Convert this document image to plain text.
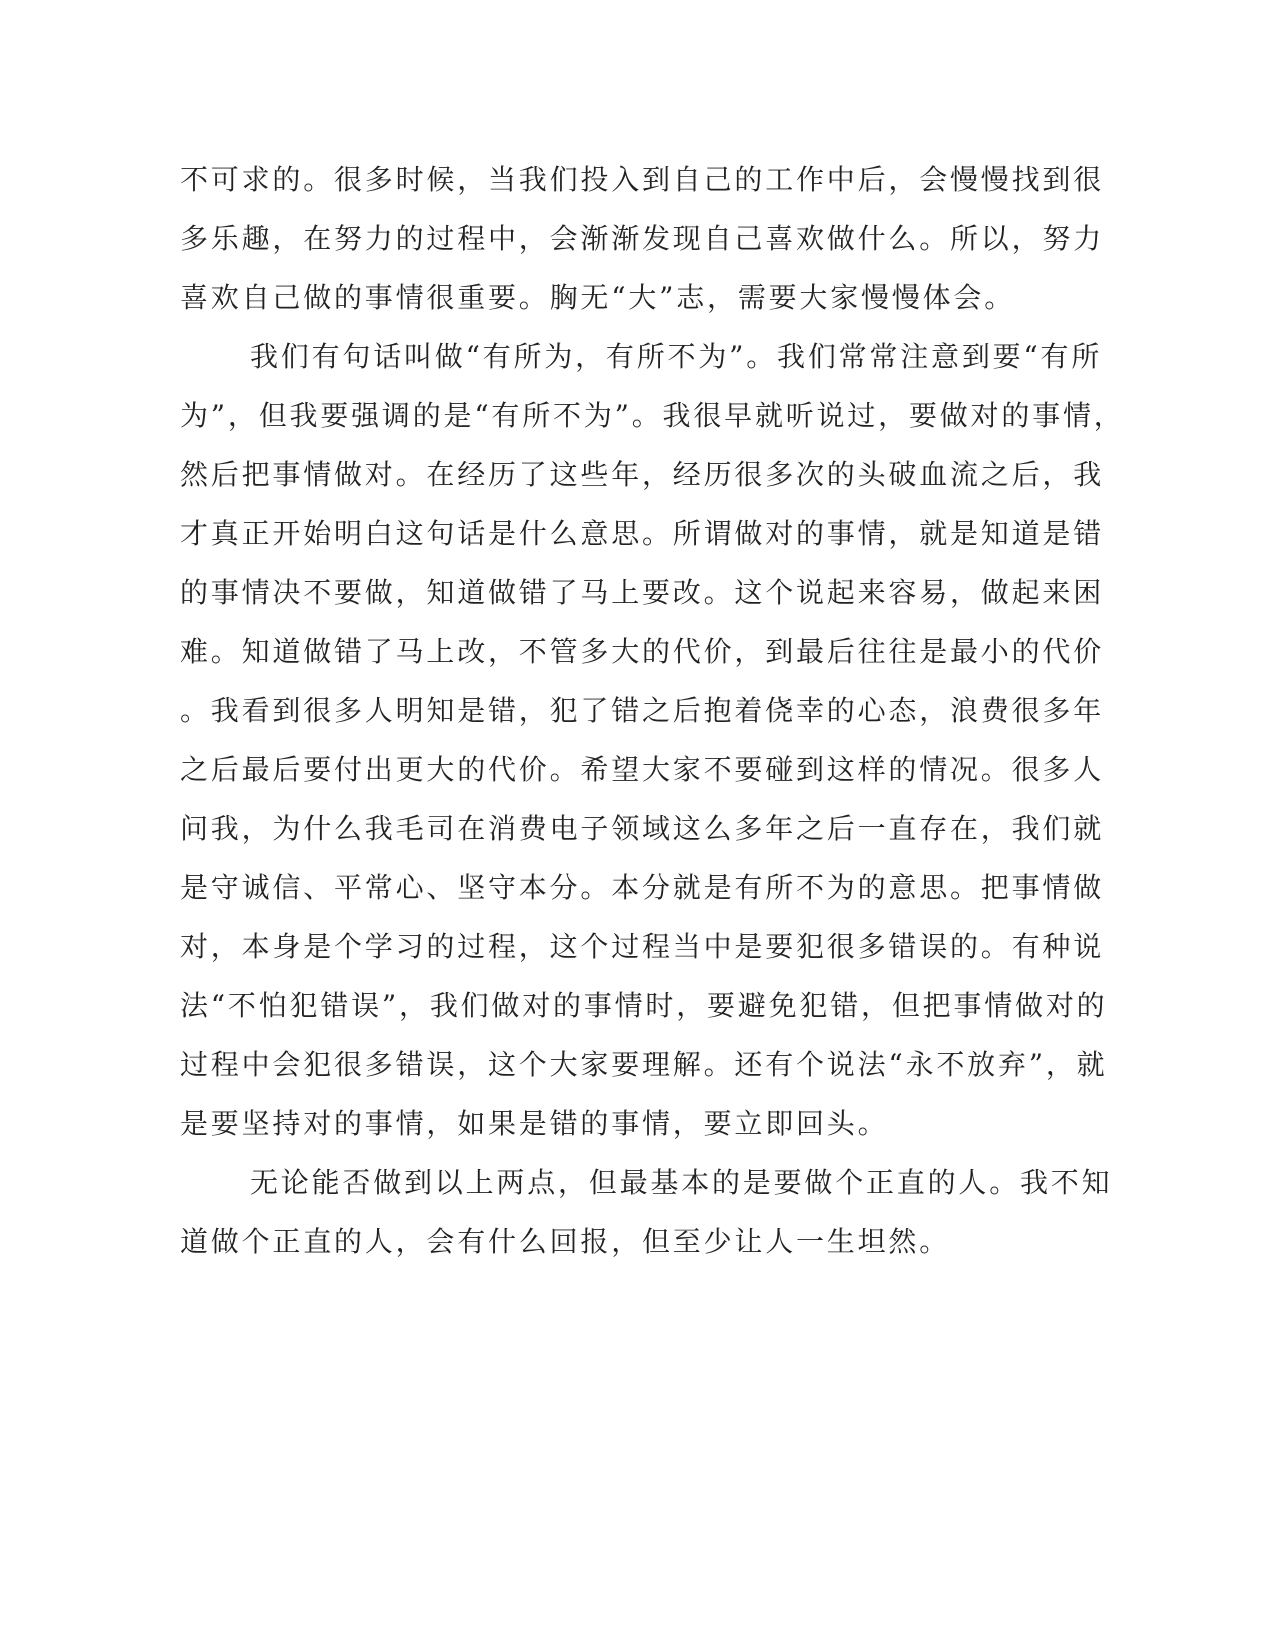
不可求的。很多时候，当我们投入到自己的工作中后，会慢慢找到很
多乐趣，在努力的过程中，会渐渐发现自己喜欢做什么。所以，努力
喜欢自己做的事情很重要。胸无“大”志，需要大家慢慢体会。
我们有句话叫做“有所为，有所不为”。我们常常注意到要“有所
为”，但我要强调的是“有所不为”。我很早就听说过，要做对的事情，
然后把事情做对。在经历了这些年，经历很多次的头破血流之后，我
才真正开始明白这句话是什么意思。所谓做对的事情，就是知道是错
的事情决不要做，知道做错了马上要改。这个说起来容易，做起来困
难。知道做错了马上改，不管多大的代价，到最后往往是最小的代价
。我看到很多人明知是错，犯了错之后抱着侥幸的心态，浪费很多年
之后最后要付出更大的代价。希望大家不要碰到这样的情况。很多人
问我，为什么我毛司在消费电子领域这么多年之后一直存在，我们就
是守诚信、平常心、坚守本分。本分就是有所不为的意思。把事情做
对，本身是个学习的过程，这个过程当中是要犯很多错误的。有种说
法“不怕犯错误”，我们做对的事情时，要避免犯错，但把事情做对的
过程中会犯很多错误，这个大家要理解。还有个说法“永不放弃”，就
是要坚持对的事情，如果是错的事情，要立即回头。
无论能否做到以上两点，但最基本的是要做个正直的人。我不知
道做个正直的人，会有什么回报，但至少让人一生坦然。
